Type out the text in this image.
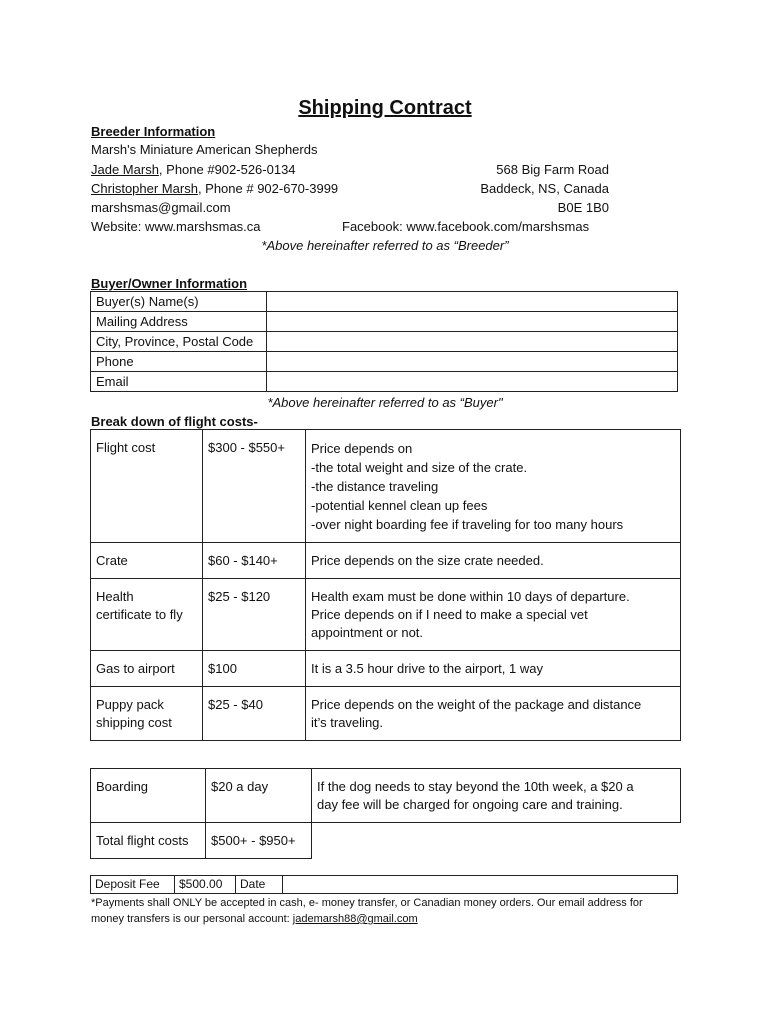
Shipping Contract
Breeder Information
Marsh's Miniature American Shepherds
Jade Marsh, Phone #902-526-0134
Christopher Marsh, Phone # 902-670-3999
marshsmas@gmail.com
Website: www.marshsmas.ca	Facebook: www.facebook.com/marshsmas
568 Big Farm Road
Baddeck, NS, Canada
B0E 1B0
*Above hereinafter referred to as “Breeder”
Buyer/Owner Information
Buyer(s) Name(s)	
Mailing Address	
City, Province, Postal Code	
Phone	
Email	
*Above hereinafter referred to as “Buyer"
Break down of flight costs-
Flight cost	$300 - $550+	Price depends on
-the total weight and size of the crate.
-the distance traveling
-potential kennel clean up fees
-over night boarding fee if traveling for too many hours
Crate	$60 - $140+	Price depends on the size crate needed.
Health
certificate to fly	$25 - $120	Health exam must be done within 10 days of departure.
Price depends on if I need to make a special vet
appointment or not.
Gas to airport	$100	It is a 3.5 hour drive to the airport, 1 way
Puppy pack
shipping cost	$25 - $40	Price depends on the weight of the package and distance
it’s traveling.
Boarding	$20 a day	If the dog needs to stay beyond the 10th week, a $20 a
day fee will be charged for ongoing care and training.
Total flight costs	$500+ - $950+	
Deposit Fee	$500.00	Date	
*Payments shall ONLY be accepted in cash, e- money transfer, or Canadian money orders. Our email address for
money transfers is our personal account: jademarsh88@gmail.com
